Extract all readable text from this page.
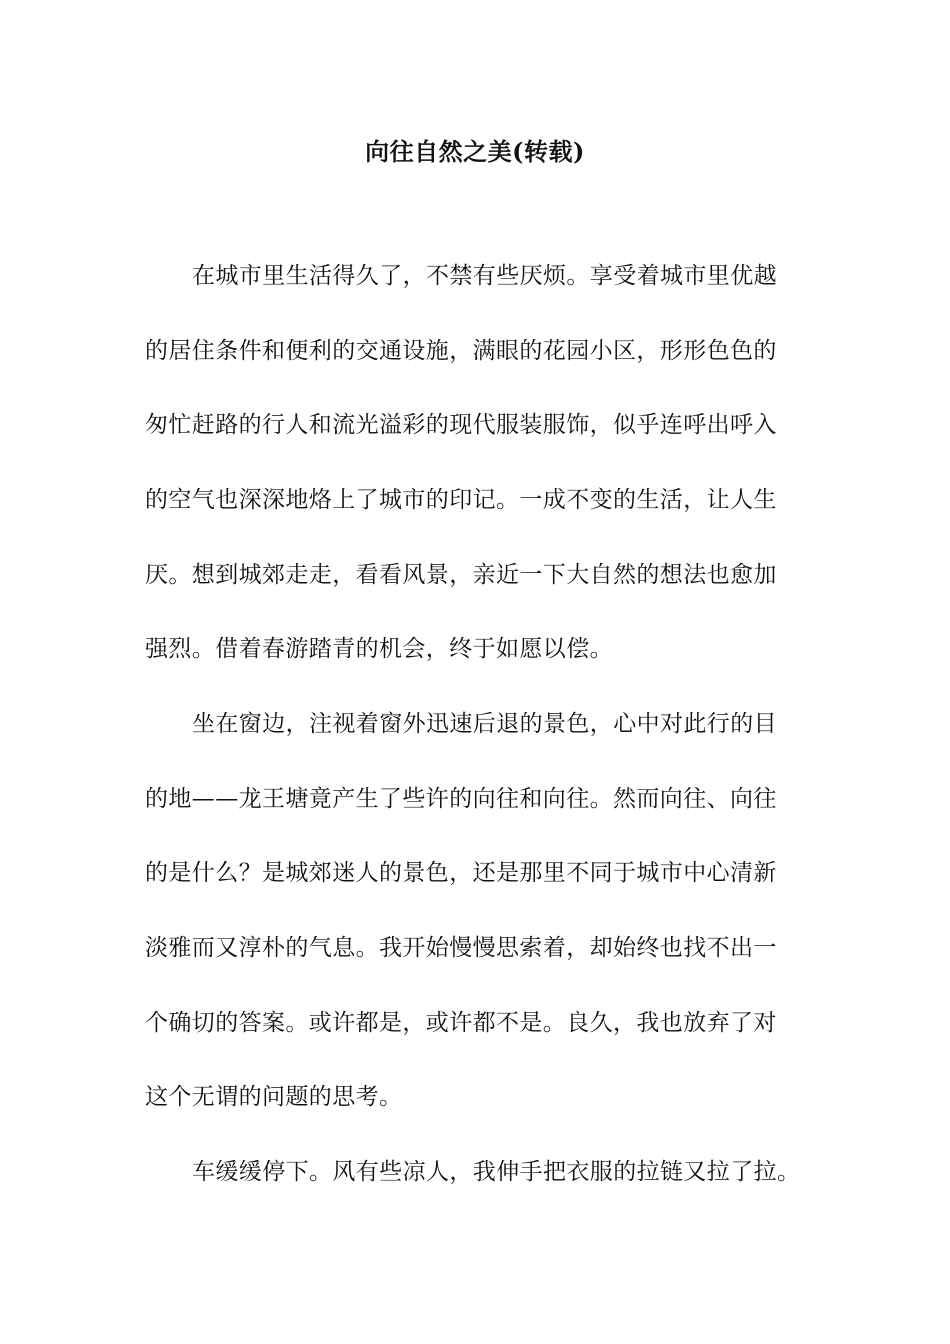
向往自然之美(转载)
在城市里生活得久了，不禁有些厌烦。享受着城市里优越
的居住条件和便利的交通设施，满眼的花园小区，形形色色的
匆忙赶路的行人和流光溢彩的现代服装服饰，似乎连呼出呼入
的空气也深深地烙上了城市的印记。一成不变的生活，让人生
厌。想到城郊走走，看看风景，亲近一下大自然的想法也愈加
强烈。借着春游踏青的机会，终于如愿以偿。
坐在窗边，注视着窗外迅速后退的景色，心中对此行的目
的地——龙王塘竟产生了些许的向往和向往。然而向往、向往
的是什么？是城郊迷人的景色，还是那里不同于城市中心清新
淡雅而又淳朴的气息。我开始慢慢思索着，却始终也找不出一
个确切的答案。或许都是，或许都不是。良久，我也放弃了对
这个无谓的问题的思考。
车缓缓停下。风有些凉人，我伸手把衣服的拉链又拉了拉。
